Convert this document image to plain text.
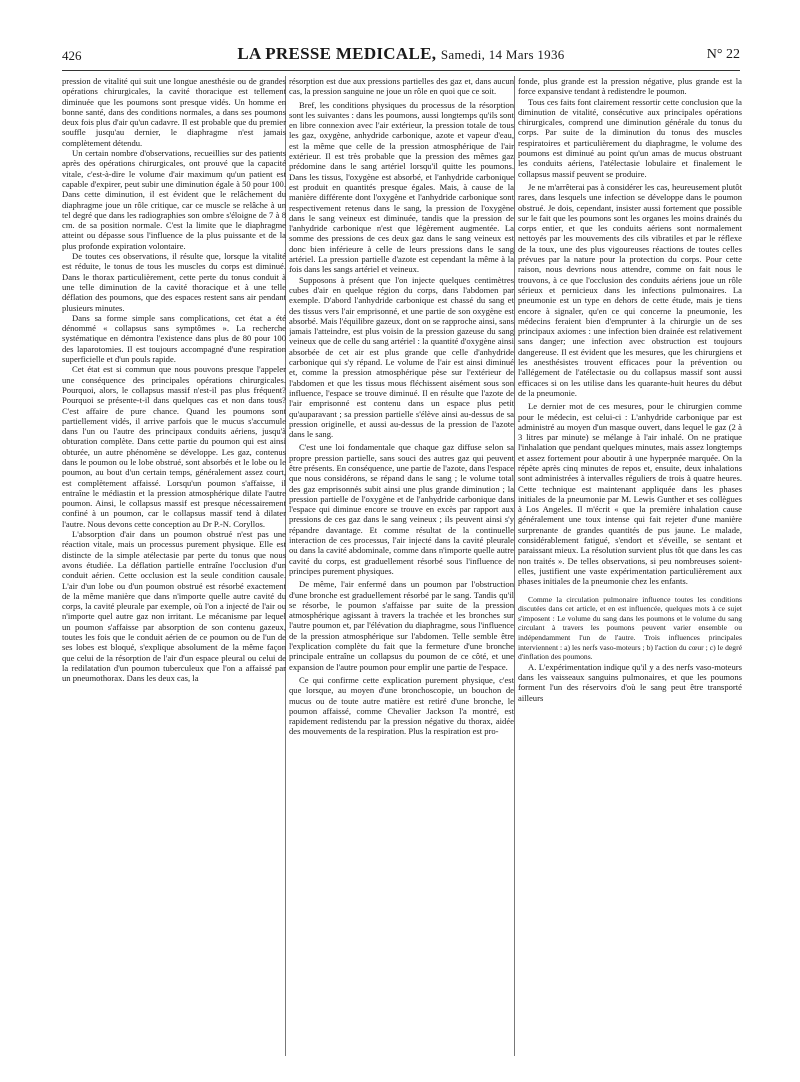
426	LA PRESSE MEDICALE, Samedi, 14 Mars 1936	N° 22

pression de vitalité qui suit une longue anesthésie ou de grandes opérations chirurgicales, la cavité thoracique est tellement diminuée que les poumons sont presque vidés. Un homme en bonne santé, dans des conditions normales, a dans ses poumons deux fois plus d'air qu'un cadavre. Il est probable que du premier souffle jusqu'au dernier, le diaphragme n'est jamais complètement détendu.

Un certain nombre d'observations, recueillies sur des patients après des opérations chirurgicales, ont prouvé que la capacité vitale, c'est-à-dire le volume d'air maximum qu'un patient est capable d'expirer, peut subir une diminution égale à 50 pour 100. Dans cette diminution, il est évident que le relâchement du diaphragme joue un rôle critique, car ce muscle se relâche à un tel degré que dans les radiographies son ombre s'éloigne de 7 à 8 cm. de sa position normale. C'est la limite que le diaphragme atteint ou dépasse sous l'influence de la plus puissante et de la plus profonde expiration volontaire.

De toutes ces observations, il résulte que, lorsque la vitalité est réduite, le tonus de tous les muscles du corps est diminué. Dans le thorax particulièrement, cette perte du tonus conduit à une telle diminution de la cavité thoracique et à une telle déflation des poumons, que des espaces restent sans air pendant plusieurs minutes.

Dans sa forme simple sans complications, cet état a été dénommé « collapsus sans symptômes ». La recherche systématique en démontra l'existence dans plus de 80 pour 100 des laparotomies. Il est toujours accompagné d'une respiration superficielle et d'un pouls rapide.

Cet état est si commun que nous pouvons presque l'appeler une conséquence des principales opérations chirurgicales. Pourquoi, alors, le collapsus massif n'est-il pas plus fréquent? Pourquoi se présente-t-il dans quelques cas et non dans tous? C'est affaire de pure chance. Quand les poumons sont partiellement vidés, il arrive parfois que le mucus s'accumule dans l'un ou l'autre des principaux conduits aériens, jusqu'à obturation complète. Dans cette partie du poumon qui est ainsi obturée, un autre phénomène se développe. Les gaz, contenus dans le poumon ou le lobe obstrué, sont absorbés et le lobe ou le poumon, au bout d'un certain temps, généralement assez court, est complètement affaissé. Lorsqu'un poumon s'affaisse, il entraîne le médiastin et la pression atmosphérique dilate l'autre poumon. Ainsi, le collapsus massif est presque nécessairement confiné à un poumon, car le collapsus massif tend à dilater l'autre. Nous devons cette conception au Dr P.-N. Coryllos.

L'absorption d'air dans un poumon obstrué n'est pas une réaction vitale, mais un processus purement physique. Elle est distincte de la simple atélectasie par perte du tonus que nous avons étudiée. La déflation partielle entraîne l'occlusion d'un conduit aérien. Cette occlusion est la seule condition causale. L'air d'un lobe ou d'un poumon obstrué est résorbé exactement de la même manière que dans n'importe quelle autre cavité du corps, la cavité pleurale par exemple, où l'on a injecté de l'air ou n'importe quel autre gaz non irritant. Le mécanisme par lequel un poumon s'affaisse par absorption de son contenu gazeux, toutes les fois que le conduit aérien de ce poumon ou de l'un de ses lobes est bloqué, s'explique absolument de la même façon que celui de la résorption de l'air d'un espace pleural ou celui de la redilatation d'un poumon tuberculeux que l'on a affaissé par un pneumothorax. Dans les deux cas, la

résorption est due aux pressions partielles des gaz et, dans aucun cas, la pression sanguine ne joue un rôle en quoi que ce soit.

Bref, les conditions physiques du processus de la résorption sont les suivantes : dans les poumons, aussi longtemps qu'ils sont en libre connexion avec l'air extérieur, la pression totale de tous les gaz, oxygène, anhydride carbonique, azote et vapeur d'eau, est la même que celle de la pression atmosphérique de l'air extérieur. Il est très probable que la pression des mêmes gaz prédomine dans le sang artériel lorsqu'il quitte les poumons. Dans les tissus, l'oxygène est absorbé, et l'anhydride carbonique est produit en quantités presque égales. Mais, à cause de la manière différente dont l'oxygène et l'anhydride carbonique sont respectivement retenus dans le sang, la pression de l'oxygène dans le sang veineux est diminuée, tandis que la pression de l'anhydride carbonique n'est que légèrement augmentée. La somme des pressions de ces deux gaz dans le sang veineux est donc bien inférieure à celle de leurs pressions dans le sang artériel. La pression partielle d'azote est cependant la même à la fois dans les sangs artériel et veineux.

Supposons à présent que l'on injecte quelques centimètres cubes d'air en quelque région du corps, dans l'abdomen par exemple. D'abord l'anhydride carbonique est chassé du sang et des tissus vers l'air emprisonné, et une partie de son oxygène est absorbé. Mais l'équilibre gazeux, dont on se rapproche ainsi, sans jamais l'atteindre, est plus voisin de la pression gazeuse du sang veineux que de celle du sang artériel : la quantité d'oxygène ainsi absorbée de cet air est plus grande que celle d'anhydride carbonique qui s'y répand. Le volume de l'air est ainsi diminué et, comme la pression atmosphérique pèse sur l'extérieur de l'abdomen et que les tissus mous fléchissent aisément sous son influence, l'espace se trouve diminué. Il en résulte que l'azote de l'air emprisonné est contenu dans un espace plus petit qu'auparavant ; sa pression partielle s'élève ainsi au-dessus de sa pression originelle, et aussi au-dessus de la pression de l'azote dans le sang.

C'est une loi fondamentale que chaque gaz diffuse selon sa propre pression partielle, sans souci des autres gaz qui peuvent être présents. En conséquence, une partie de l'azote, dans l'espace que nous considérons, se répand dans le sang ; le volume total des gaz emprisonnés subit ainsi une plus grande diminution ; la pression partielle de l'oxygène et de l'anhydride carbonique dans l'espace qui diminue encore se trouve en excès par rapport aux pressions de ces gaz dans le sang veineux ; ils peuvent ainsi s'y répandre davantage. Et comme résultat de la continuelle interaction de ces processus, l'air injecté dans la cavité pleurale ou dans la cavité abdominale, comme dans n'importe quelle autre cavité du corps, est graduellement résorbé sous l'influence de principes purement physiques.

De même, l'air enfermé dans un poumon par l'obstruction d'une bronche est graduellement résorbé par le sang. Tandis qu'il se résorbe, le poumon s'affaisse par suite de la pression atmosphérique agissant à travers la trachée et les bronches sur l'autre poumon et, par l'élévation du diaphragme, sous l'influence de la pression atmosphérique sur l'abdomen. Telle semble être l'explication complète du fait que la fermeture d'une bronche principale entraîne un collapsus du poumon de ce côté, et une expansion de l'autre poumon pour emplir une partie de l'espace.

Ce qui confirme cette explication purement physique, c'est que lorsque, au moyen d'une bronchoscopie, un bouchon de mucus ou de toute autre matière est retiré d'une bronche, le poumon affaissé, comme Chevalier Jackson l'a montré, est rapidement redistendu par la pression négative du thorax, aidée des mouvements de la respiration. Plus la respiration est pro-

fonde, plus grande est la pression négative, plus grande est la force expansive tendant à redistendre le poumon.

Tous ces faits font clairement ressortir cette conclusion que la diminution de vitalité, consécutive aux principales opérations chirurgicales, comprend une diminution générale du tonus du corps. Par suite de la diminution du tonus des muscles respiratoires et particulièrement du diaphragme, le volume des poumons est diminué au point qu'un amas de mucus obstruant les conduits aériens, l'atélectasie lobulaire et finalement le collapsus massif peuvent se produire.

Je ne m'arrêterai pas à considérer les cas, heureusement plutôt rares, dans lesquels une infection se développe dans le poumon obstrué. Je dois, cependant, insister aussi fortement que possible sur le fait que les poumons sont les organes les moins drainés du corps entier, et que les conduits aériens sont normalement nettoyés par les mouvements des cils vibratiles et par le réflexe de la toux, une des plus vigoureuses réactions de toutes celles prévues par la nature pour la protection du corps. Pour cette raison, nous devrions nous attendre, comme on fait nous le trouvons, à ce que l'occlusion des conduits aériens joue un rôle sérieux et pernicieux dans les infections pulmonaires. La pneumonie est un type en dehors de cette étude, mais je tiens encore à signaler, qu'en ce qui concerne la pneumonie, les médecins feraient bien d'emprunter à la chirurgie un de ses principaux axiomes : une infection bien drainée est relativement sans danger; une infection avec obstruction est toujours dangereuse. Il est évident que les mesures, que les chirurgiens et les anesthésistes trouvent efficaces pour la prévention ou l'allégement de l'atélectasie ou du collapsus massif sont aussi efficaces si on les utilise dans les quarante-huit heures du début de la pneumonie.

Le dernier mot de ces mesures, pour le chirurgien comme pour le médecin, est celui-ci : L'anhydride carbonique par est administré au moyen d'un masque ouvert, dans lequel le gaz (2 à 3 litres par minute) se mélange à l'air inhalé. On ne pratique l'inhalation que pendant quelques minutes, mais assez longtemps et assez fortement pour aboutir à une hyperpnée marquée. On la répète après cinq minutes de repos et, ensuite, deux inhalations sont administrées à intervalles réguliers de trois à quatre heures. Cette technique est maintenant appliquée dans les phases initiales de la pneumonie par M. Lewis Gunther et ses collègues à Los Angeles. Il m'écrit « que la première inhalation cause généralement une toux intense qui fait rejeter d'une manière surprenante de grandes quantités de pus jaune. Le malade, considérablement fatigué, s'endort et s'éveille, se sentant et paraissant mieux. La résolution survient plus tôt que dans les cas non traités ». De telles observations, si peu nombreuses soient-elles, justifient une vaste expérimentation particulièrement aux phases initiales de la pneumonie chez les enfants.

Comme la circulation pulmonaire influence toutes les conditions discutées dans cet article, et en est influencée, quelques mots à ce sujet s'imposent : Le volume du sang dans les poumons et le volume du sang circulant à travers les poumons peuvent varier ensemble ou indépendamment l'un de l'autre. Trois influences principales interviennent : a) les nerfs vaso-moteurs ; b) l'action du cœur ; c) le degré d'inflation des poumons.

A. L'expérimentation indique qu'il y a des nerfs vaso-moteurs dans les vaisseaux sanguins pulmonaires, et que les poumons forment l'un des réservoirs d'où le sang peut être transporté ailleurs
